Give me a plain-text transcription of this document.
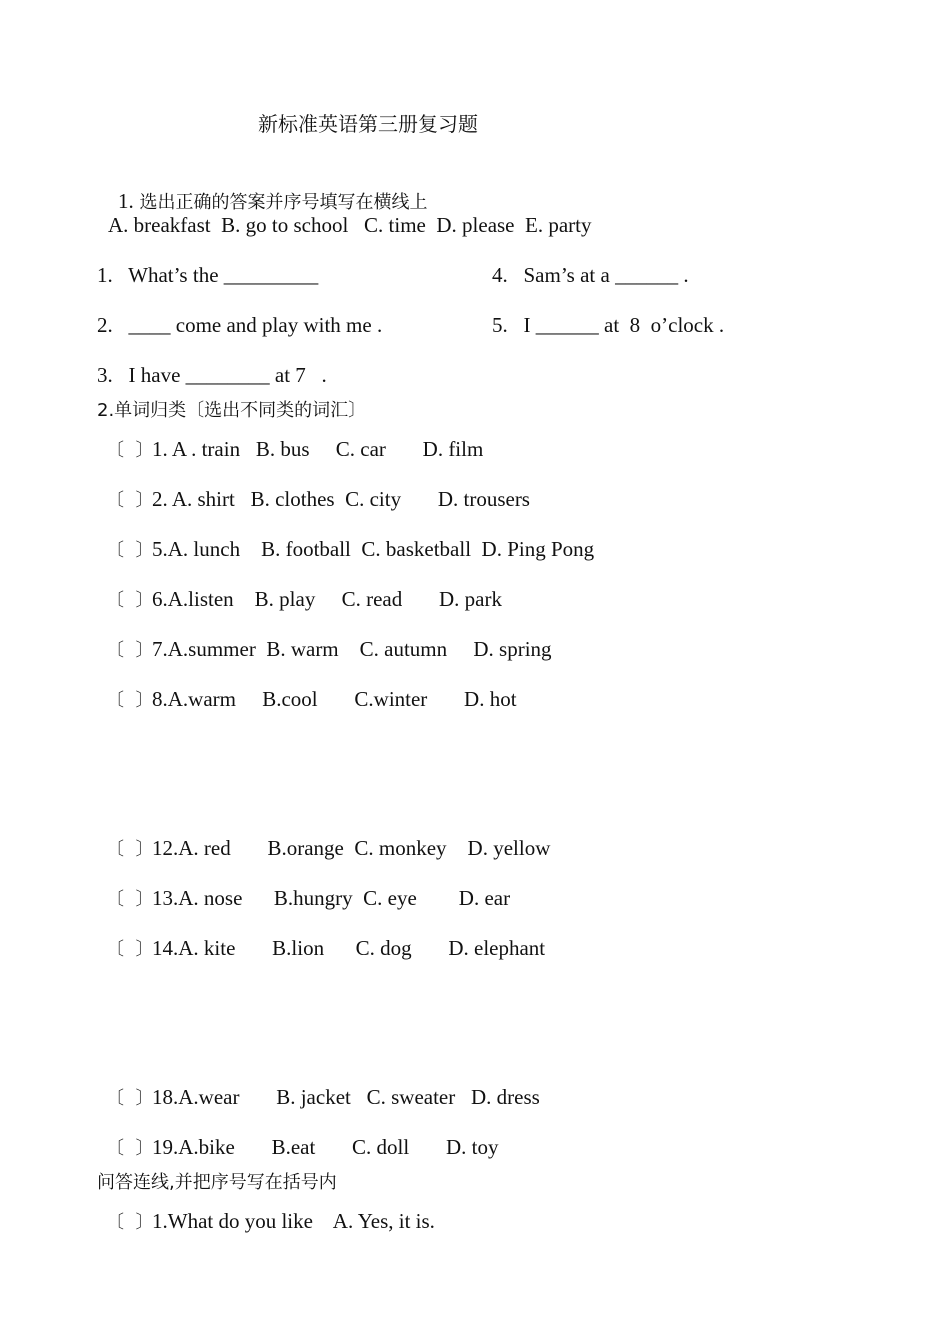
新标准英语第三册复习题

1. 选出正确的答案并序号填写在横线上

A. breakfast  B. go to school   C. time  D. please  E. party
1. What’s the _________	4. Sam’s at a ______ .
2. ____ come and play with me .	5. I ______ at  8  o’clock .
3. I have ________ at 7   .
2.单词归类〔选出不同类的词汇〕
〔  〕1. A . train   B. bus     C. car       D. film
〔  〕2. A. shirt   B. clothes  C. city       D. trousers
〔  〕5.A. lunch    B. football  C. basketball  D. Ping Pong
〔  〕6.A.listen    B. play     C. read       D. park
〔  〕7.A.summer  B. warm    C. autumn     D. spring
〔  〕8.A.warm     B.cool       C.winter       D. hot
〔  〕12.A. red       B.orange  C. monkey    D. yellow
〔  〕13.A. nose      B.hungry  C. eye        D. ear
〔  〕14.A. kite       B.lion      C. dog       D. elephant
〔  〕18.A.wear       B. jacket   C. sweater   D. dress
〔  〕19.A.bike       B.eat       C. doll       D. toy
问答连线,并把序号写在括号内
〔  〕1.What do you like    A. Yes, it is.
